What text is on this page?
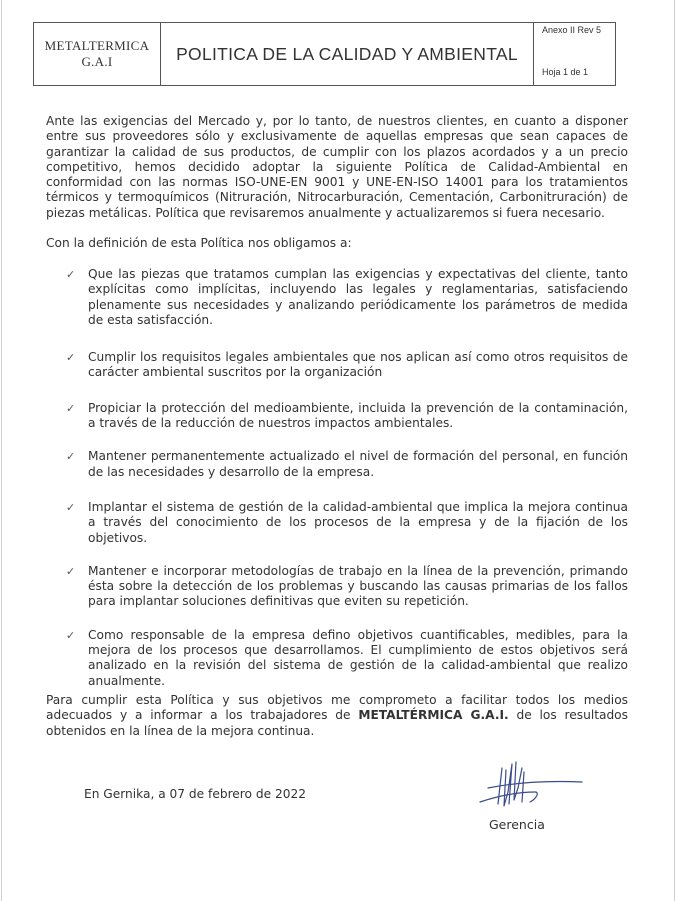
METALTERMICA
G.A.I	POLITICA DE LA CALIDAD Y AMBIENTAL
Anexo II Rev 5
Hoja 1 de 1
Ante las exigencias del Mercado y, por lo tanto, de nuestros clientes, en cuanto a disponer entre sus proveedores sólo y exclusivamente de aquellas empresas que sean capaces de garantizar la calidad de sus productos, de cumplir con los plazos acordados y a un precio competitivo, hemos decidido adoptar la siguiente Política de Calidad-Ambiental en conformidad con las normas ISO-UNE-EN 9001 y UNE-EN-ISO 14001 para los tratamientos térmicos y termoquímicos (Nitruración, Nitrocarburación, Cementación, Carbonitruración) de piezas metálicas. Política que revisaremos anualmente y actualizaremos si fuera necesario.
Con la definición de esta Política nos obligamos a:
✓ Que las piezas que tratamos cumplan las exigencias y expectativas del cliente, tanto explícitas como implícitas, incluyendo las legales y reglamentarias, satisfaciendo plenamente sus necesidades y analizando periódicamente los parámetros de medida de esta satisfacción.
✓ Cumplir los requisitos legales ambientales que nos aplican así como otros requisitos de carácter ambiental suscritos por la organización
✓ Propiciar la protección del medioambiente, incluida la prevención de la contaminación, a través de la reducción de nuestros impactos ambientales.
✓ Mantener permanentemente actualizado el nivel de formación del personal, en función de las necesidades y desarrollo de la empresa.
✓ Implantar el sistema de gestión de la calidad-ambiental que implica la mejora continua a través del conocimiento de los procesos de la empresa y de la fijación de los objetivos.
✓ Mantener e incorporar metodologías de trabajo en la línea de la prevención, primando ésta sobre la detección de los problemas y buscando las causas primarias de los fallos para implantar soluciones definitivas que eviten su repetición.
✓ Como responsable de la empresa defino objetivos cuantificables, medibles, para la mejora de los procesos que desarrollamos. El cumplimiento de estos objetivos será analizado en la revisión del sistema de gestión de la calidad-ambiental que realizo anualmente.
Para cumplir esta Política y sus objetivos me comprometo a facilitar todos los medios adecuados y a informar a los trabajadores de METALTÉRMICA G.A.I. de los resultados obtenidos en la línea de la mejora continua.
En Gernika, a 07 de febrero de 2022
Gerencia
